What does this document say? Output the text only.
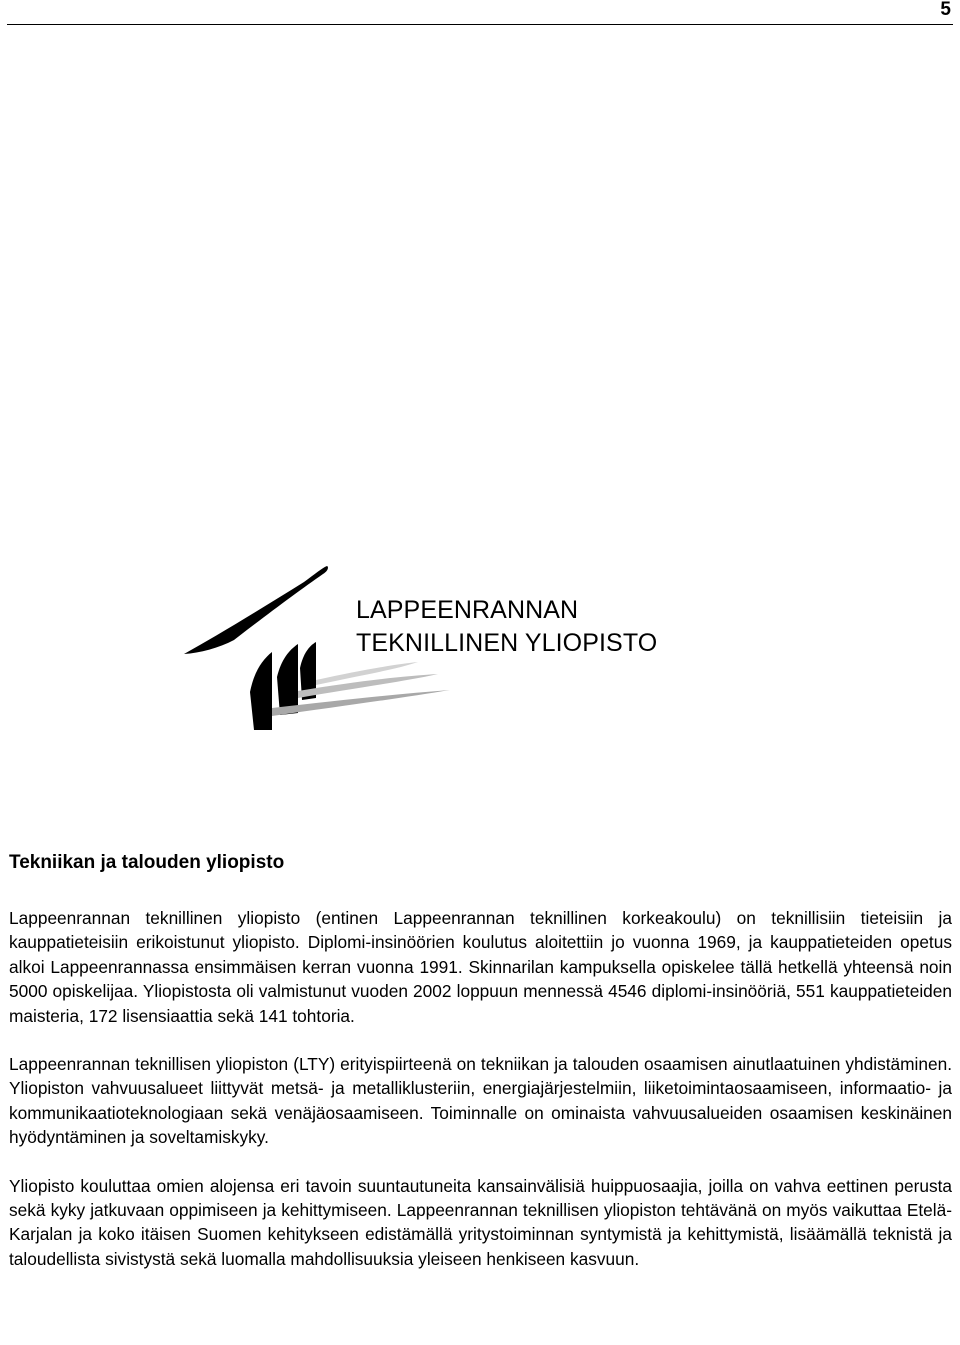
5
LAPPEENRANNAN
TEKNILLINEN YLIOPISTO
Tekniikan ja talouden yliopisto

Lappeenrannan teknillinen yliopisto (entinen Lappeenrannan teknillinen korkeakoulu) on teknillisiin tieteisiin ja kauppatieteisiin erikoistunut yliopisto. Diplomi-insinöörien koulutus aloitettiin jo vuonna 1969, ja kauppatieteiden opetus alkoi Lappeenrannassa ensimmäisen kerran vuonna 1991. Skinnarilan kampuksella opiskelee tällä hetkellä yhteensä noin 5000 opiskelijaa. Yliopistosta oli valmistunut vuoden 2002 loppuun mennessä 4546 diplomi-insinööriä, 551 kauppatieteiden maisteria, 172 lisensiaattia sekä 141 tohtoria.

Lappeenrannan teknillisen yliopiston (LTY) erityispiirteenä on tekniikan ja talouden osaamisen ainutlaatuinen yhdistäminen. Yliopiston vahvuusalueet liittyvät metsä- ja metalliklusteriin, energiajärjestelmiin, liiketoimintaosaamiseen, informaatio- ja kommunikaatioteknologiaan sekä venäjäosaamiseen. Toiminnalle on ominaista vahvuusalueiden osaamisen keskinäinen hyödyntäminen ja soveltamiskyky.

Yliopisto kouluttaa omien alojensa eri tavoin suuntautuneita kansainvälisiä huippuosaajia, joilla on vahva eettinen perusta sekä kyky jatkuvaan oppimiseen ja kehittymiseen. Lappeenrannan teknillisen yliopiston tehtävänä on myös vaikuttaa Etelä-Karjalan ja koko itäisen Suomen kehitykseen edistämällä yritystoiminnan syntymistä ja kehittymistä, lisäämällä teknistä ja taloudellista sivistystä sekä luomalla mahdollisuuksia yleiseen henkiseen kasvuun.
